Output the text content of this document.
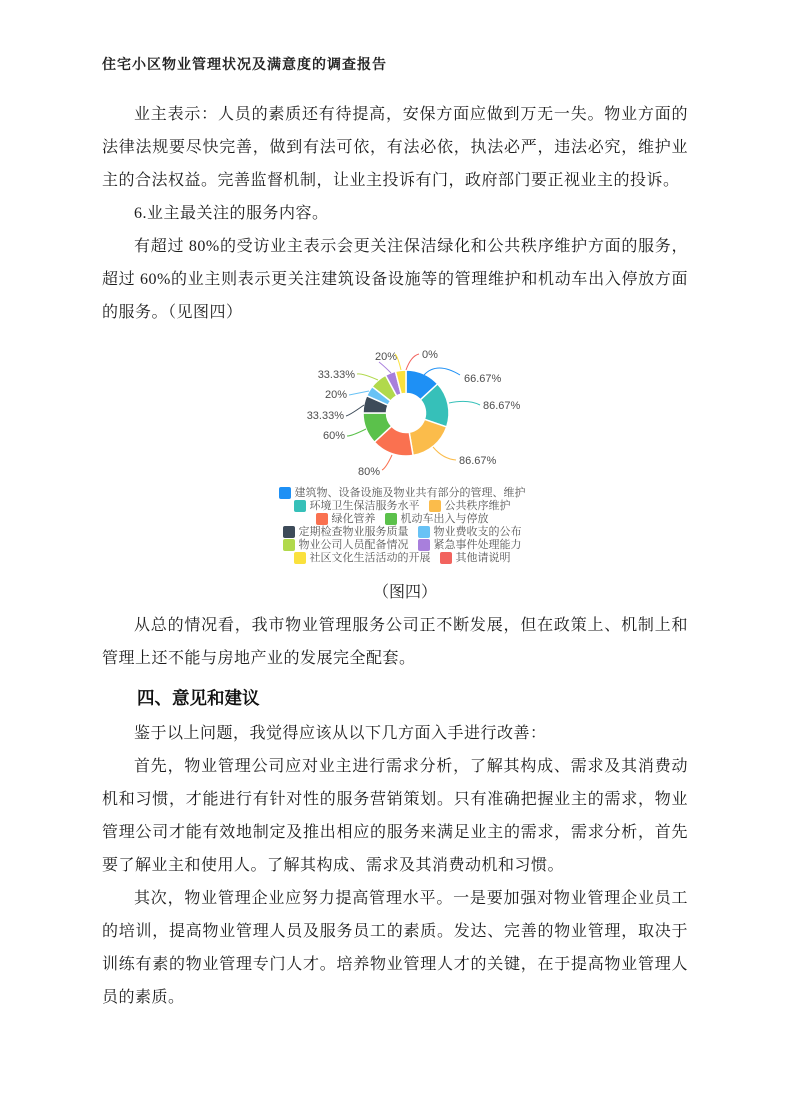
住宅小区物业管理状况及满意度的调查报告

业主表示：人员的素质还有待提高，安保方面应做到万无一失。物业方面的法律法规要尽快完善，做到有法可依，有法必依，执法必严，违法必究，维护业主的合法权益。完善监督机制，让业主投诉有门，政府部门要正视业主的投诉。

6.业主最关注的服务内容。

有超过 80%的受访业主表示会更关注保洁绿化和公共秩序维护方面的服务，超过 60%的业主则表示更关注建筑设备设施等的管理维护和机动车出入停放方面的服务。（见图四）

66.67%
86.67%
86.67%
80%
60%
33.33%
20%
33.33%
20% 0%
建筑物、设备设施及物业共有部分的管理、维护
环境卫生保洁服务水平 公共秩序维护
绿化管养 机动车出入与停放
定期检查物业服务质量 物业费收支的公布
物业公司人员配备情况 紧急事件处理能力
社区文化生活活动的开展 其他请说明

（图四）

从总的情况看，我市物业管理服务公司正不断发展，但在政策上、机制上和管理上还不能与房地产业的发展完全配套。

四、意见和建议

鉴于以上问题，我觉得应该从以下几方面入手进行改善：

首先，物业管理公司应对业主进行需求分析，了解其构成、需求及其消费动机和习惯，才能进行有针对性的服务营销策划。只有准确把握业主的需求，物业管理公司才能有效地制定及推出相应的服务来满足业主的需求，需求分析，首先要了解业主和使用人。了解其构成、需求及其消费动机和习惯。

其次，物业管理企业应努力提高管理水平。一是要加强对物业管理企业员工的培训，提高物业管理人员及服务员工的素质。发达、完善的物业管理，取决于训练有素的物业管理专门人才。培养物业管理人才的关键，在于提高物业管理人员的素质。
